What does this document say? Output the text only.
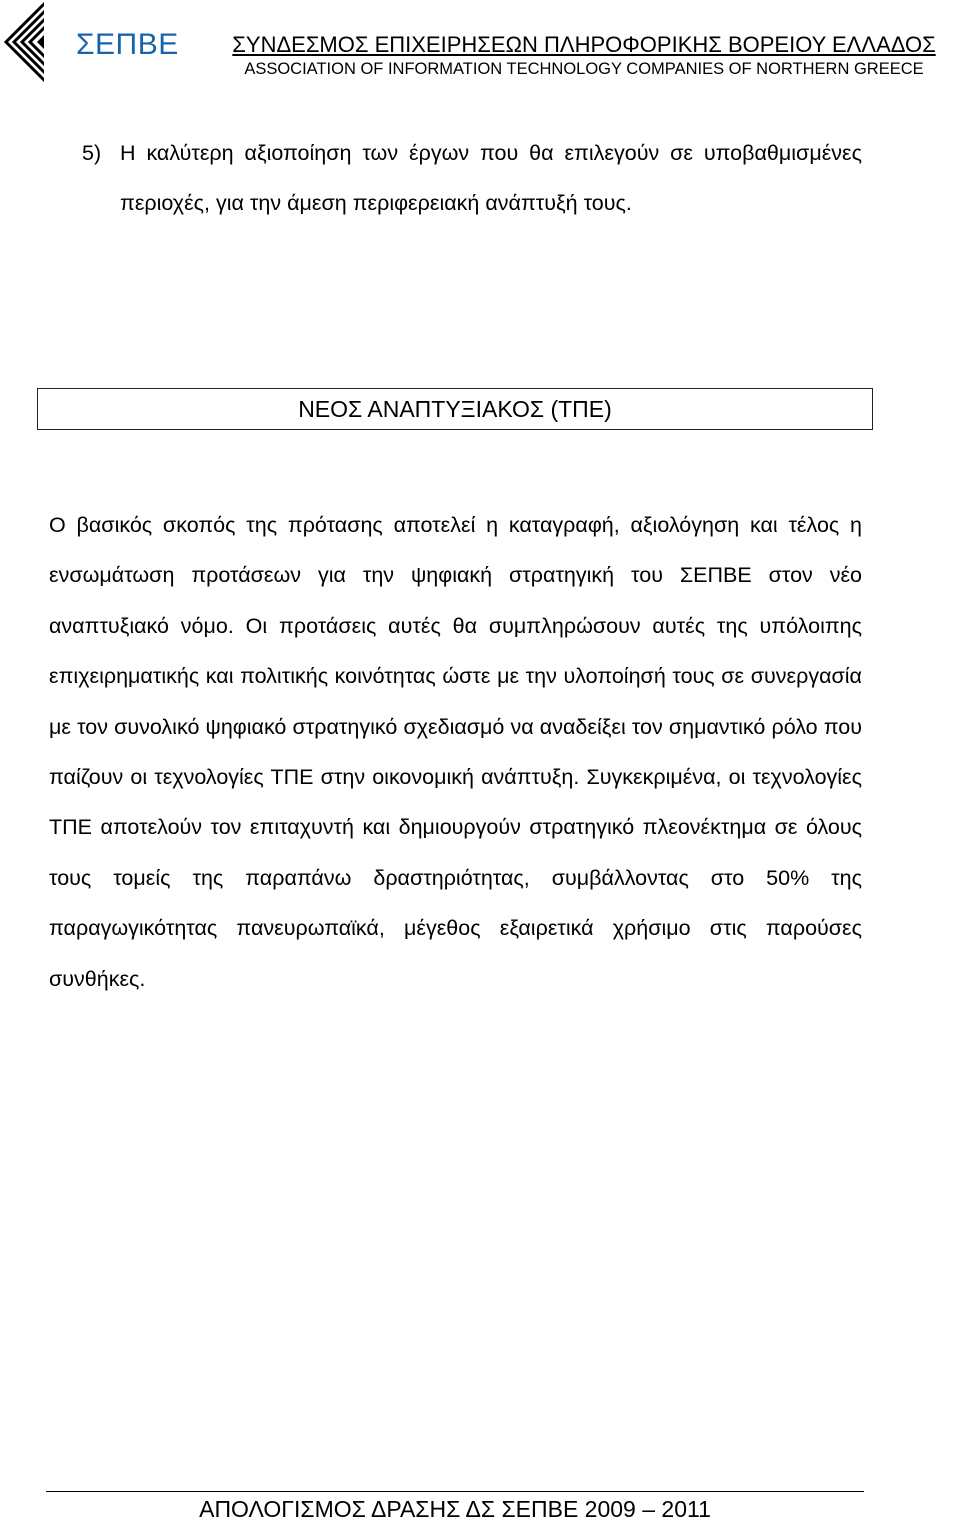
ΣΕΠΒΕ	ΣΥΝΔΕΣΜΟΣ ΕΠΙΧΕΙΡΗΣΕΩΝ ΠΛΗΡΟΦΟΡΙΚΗΣ ΒΟΡΕΙΟΥ ΕΛΛΑΔΟΣ
ASSOCIATION OF INFORMATION TECHNOLOGY COMPANIES OF NORTHERN GREECE
5) Η καλύτερη αξιοποίηση των έργων που θα επιλεγούν σε υποβαθμισμένες περιοχές, για την άμεση περιφερειακή ανάπτυξή τους.
ΝΕΟΣ ΑΝΑΠΤΥΞΙΑΚΟΣ (ΤΠΕ)

Ο βασικός σκοπός της πρότασης αποτελεί η καταγραφή, αξιολόγηση και τέλος η ενσωμάτωση προτάσεων για την ψηφιακή στρατηγική του ΣΕΠΒΕ στον νέο αναπτυξιακό νόμο. Οι προτάσεις αυτές θα συμπληρώσουν αυτές της υπόλοιπης επιχειρηματικής και πολιτικής κοινότητας ώστε με την υλοποίησή τους σε συνεργασία με τον συνολικό ψηφιακό στρατηγικό σχεδιασμό να αναδείξει τον σημαντικό ρόλο που παίζουν οι τεχνολογίες ΤΠΕ στην οικονομική ανάπτυξη. Συγκεκριμένα, οι τεχνολογίες ΤΠΕ αποτελούν τον επιταχυντή και δημιουργούν στρατηγικό πλεονέκτημα σε όλους τους τομείς της παραπάνω δραστηριότητας, συμβάλλοντας στο 50% της παραγωγικότητας πανευρωπαϊκά, μέγεθος εξαιρετικά χρήσιμο στις παρούσες συνθήκες.

ΑΠΟΛΟΓΙΣΜΟΣ ΔΡΑΣΗΣ ΔΣ ΣΕΠΒΕ 2009 – 2011
